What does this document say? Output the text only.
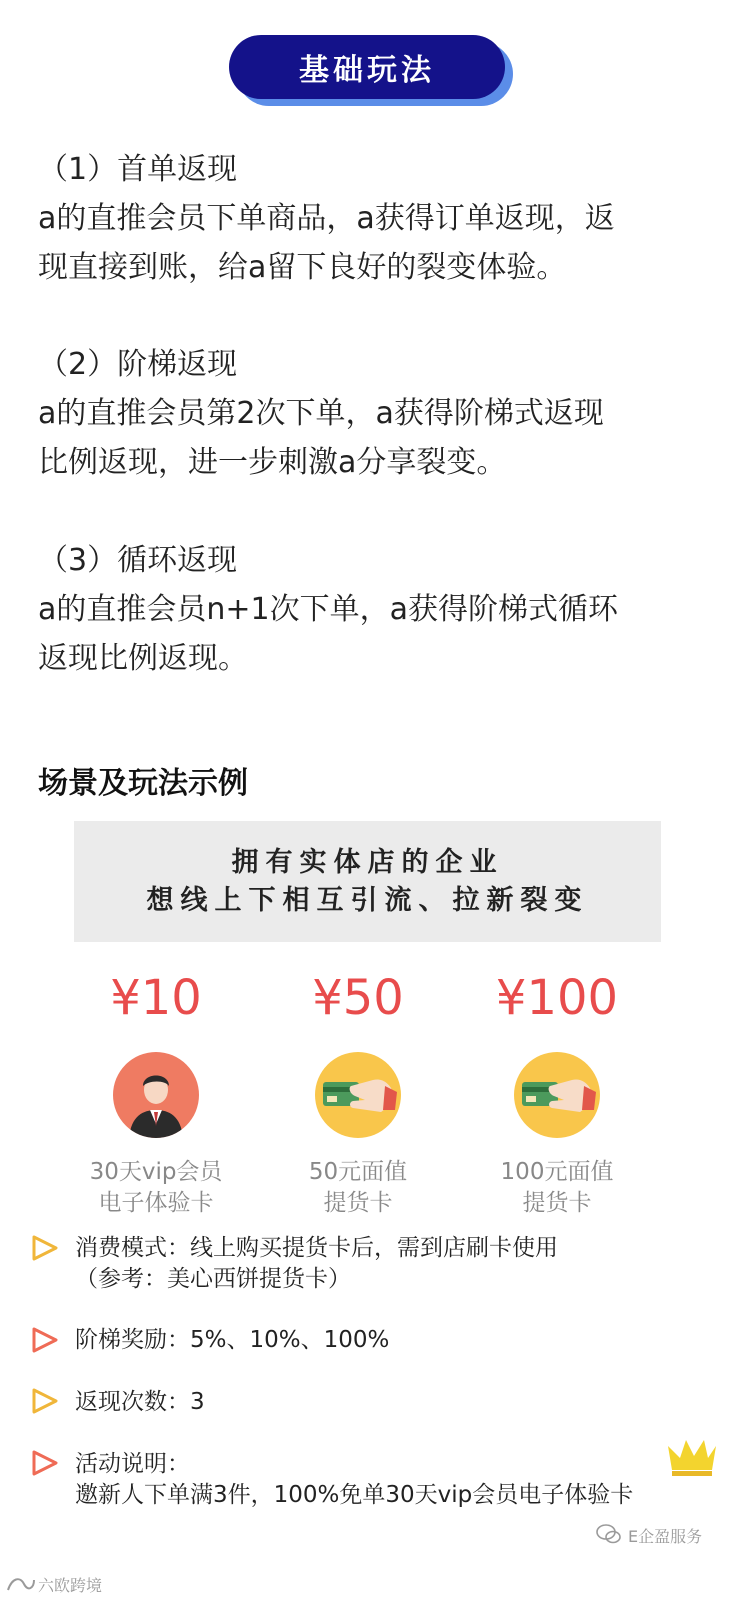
基础玩法
（1）首单返现
a的直推会员下单商品，a获得订单返现，返
现直接到账，给a留下良好的裂变体验。
（2）阶梯返现
a的直推会员第2次下单，a获得阶梯式返现
比例返现，进一步刺激a分享裂变。
（3）循环返现
a的直推会员n+1次下单，a获得阶梯式循环
返现比例返现。
场景及玩法示例
拥有实体店的企业
想线上下相互引流、拉新裂变
¥10
30天vip会员
电子体验卡
¥50
50元面值
提货卡
¥100
100元面值
提货卡
消费模式：线上购买提货卡后，需到店刷卡使用
（参考：美心西饼提货卡）
阶梯奖励：5%、10%、100%
返现次数：3
活动说明：
邀新人下单满3件，100%免单30天vip会员电子体验卡
六欧跨境
E企盈服务
